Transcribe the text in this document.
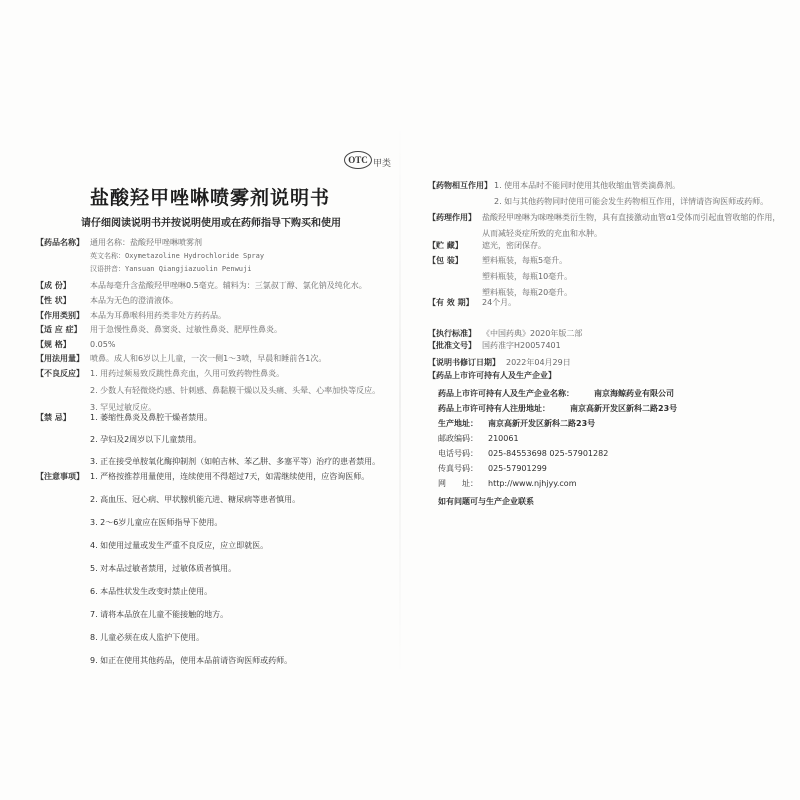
OTC 甲类
盐酸羟甲唑啉喷雾剂说明书
请仔细阅读说明书并按说明使用或在药师指导下购买和使用
【药品名称】 通用名称：盐酸羟甲唑啉喷雾剂
英文名称：Oxymetazoline Hydrochloride Spray
汉语拼音：Yansuan Qiangjiazuolin Penwuji
【成 份】	本品每毫升含盐酸羟甲唑啉0.5毫克。辅料为：三氯叔丁醇、氯化钠及纯化水。
【性 状】	本品为无色的澄清液体。
【作用类别】 本品为耳鼻喉科用药类非处方药药品。
【适 应 症】	用于急慢性鼻炎、鼻窦炎、过敏性鼻炎、肥厚性鼻炎。
【规 格】	0.05%
【用法用量】 喷鼻。成人和6岁以上儿童，一次一侧1～3喷，早晨和睡前各1次。
【不良反应】 1. 用药过频易致反跳性鼻充血，久用可致药物性鼻炎。
2. 少数人有轻微烧灼感、针刺感、鼻黏膜干燥以及头痛、头晕、心率加快等反应。
3. 罕见过敏反应。
【禁 忌】	1. 萎缩性鼻炎及鼻腔干燥者禁用。
2. 孕妇及2周岁以下儿童禁用。
3. 正在接受单胺氧化酶抑制剂（如帕吉林、苯乙肼、多塞平等）治疗的患者禁用。
【注意事项】 1. 严格按推荐用量使用，连续使用不得超过7天，如需继续使用，应咨询医师。
2. 高血压、冠心病、甲状腺机能亢进、糖尿病等患者慎用。
3. 2～6岁儿童应在医师指导下使用。
4. 如使用过量或发生严重不良反应，应立即就医。
5. 对本品过敏者禁用，过敏体质者慎用。
6. 本品性状发生改变时禁止使用。
7. 请将本品放在儿童不能接触的地方。
8. 儿童必须在成人监护下使用。
9. 如正在使用其他药品，使用本品前请咨询医师或药师。
【药物相互作用】 1. 使用本品时不能同时使用其他收缩血管类滴鼻剂。
2. 如与其他药物同时使用可能会发生药物相互作用，详情请咨询医师或药师。
【药理作用】 盐酸羟甲唑啉为咪唑啉类衍生物，具有直接激动血管α1受体而引起血管收缩的作用，
从而减轻炎症所致的充血和水肿。
【贮 藏】	遮光，密闭保存。
【包 装】	塑料瓶装，每瓶5毫升。
塑料瓶装，每瓶10毫升。
塑料瓶装，每瓶20毫升。
【有 效 期】	24个月。
【执行标准】 《中国药典》2020年版二部
【批准文号】 国药准字H20057401
【说明书修订日期】 2022年04月29日
【药品上市许可持有人及生产企业】
药品上市许可持有人及生产企业名称：	南京海鲸药业有限公司
药品上市许可持有人注册地址：	南京高新开发区新科二路23号
生产地址： 南京高新开发区新科二路23号
邮政编码： 210061
电话号码： 025-84553698 025-57901282
传真号码： 025-57901299
网　　址： http://www.njhjyy.com
如有问题可与生产企业联系
